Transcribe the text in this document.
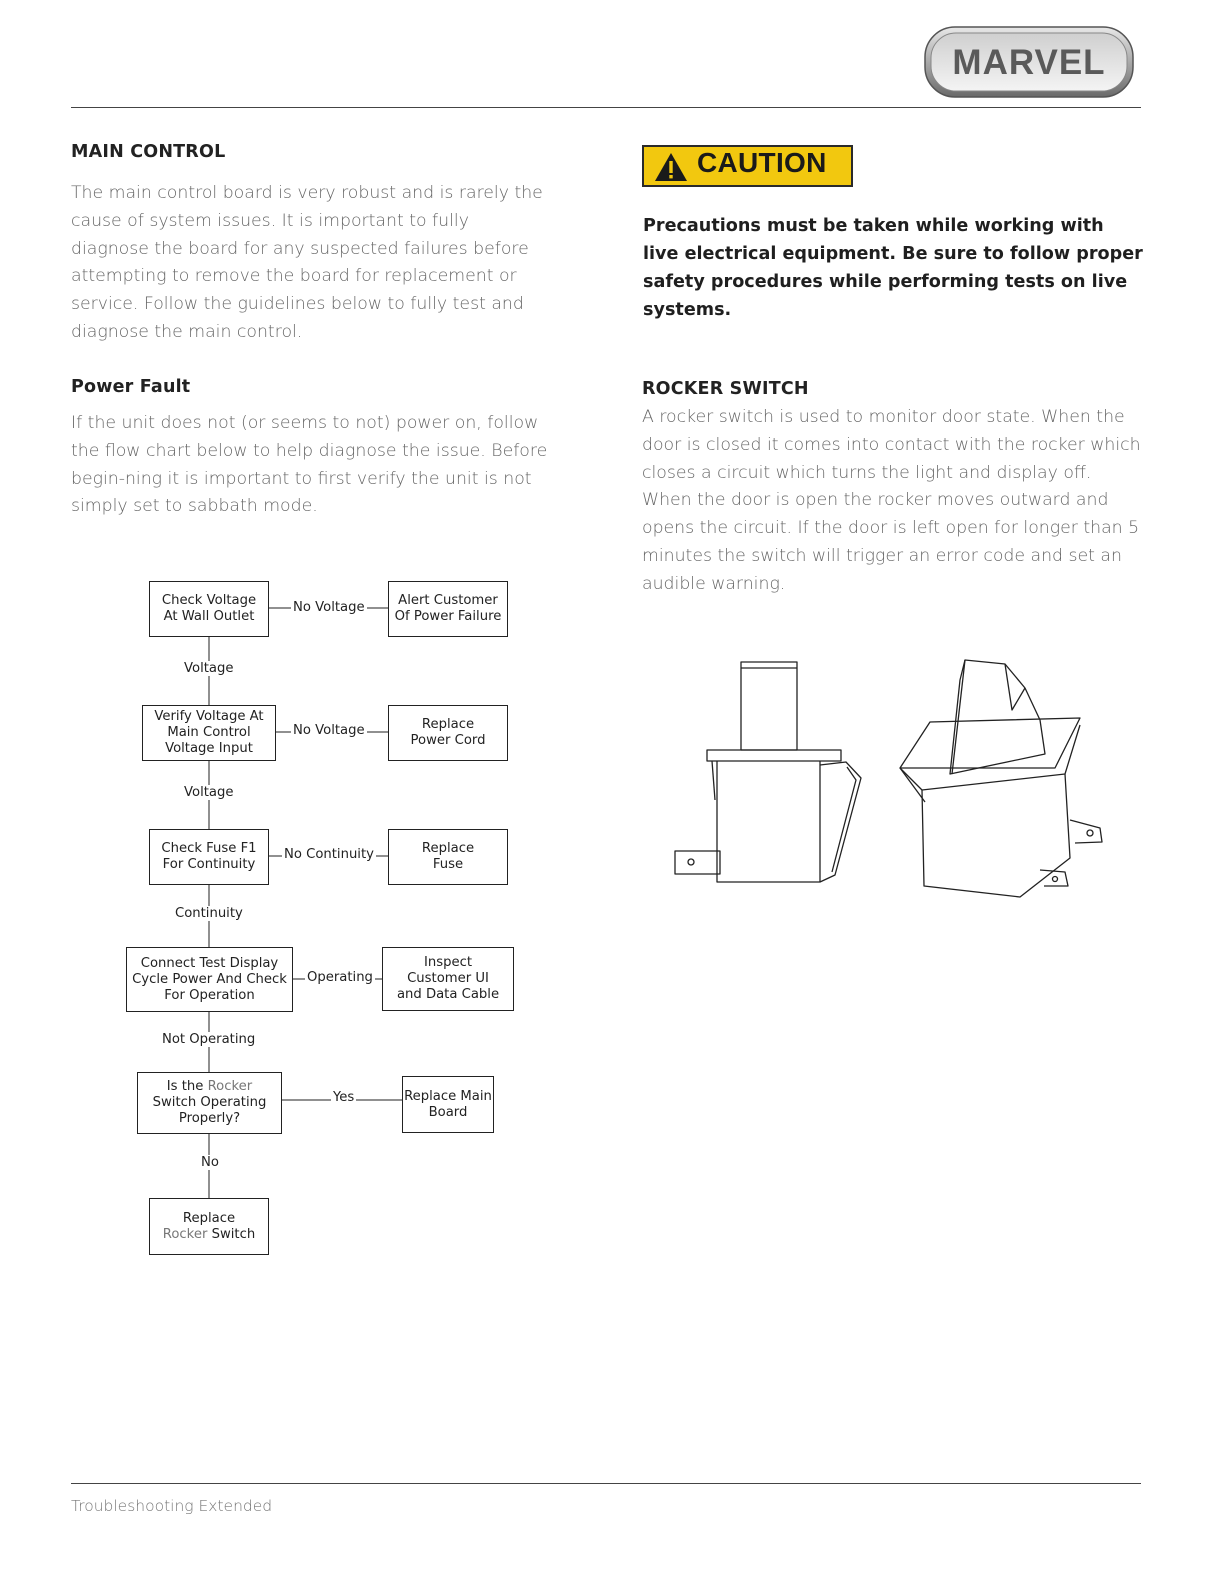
MARVEL
MAIN CONTROL

The main control board is very robust and is rarely the cause of system issues. It is important to fully diagnose the board for any suspected failures before attempting to remove the board for replacement or service. Follow the guidelines below to fully test and diagnose the main control.

Power Fault

If the unit does not (or seems to not) power on, follow the flow chart below to help diagnose the issue. Before begin-ning it is important to first verify the unit is not simply set to sabbath mode.

Check Voltage
At Wall Outlet
No Voltage	Alert Customer
Of Power Failure
Voltage
Verify Voltage At
Main Control
Voltage Input
No Voltage	Replace
Power Cord
Voltage
Check Fuse F1
For Continuity
No Continuity	Replace
Fuse
Continuity
Connect Test Display
Cycle Power And Check
For Operation
Operating
Inspect
Customer UI
and Data Cable
Not Operating
Is the Rocker
Switch Operating
Properly?
Yes	Replace Main
Board
No
Replace
Rocker Switch
CAUTION

Precautions must be taken while working with live electrical equipment. Be sure to follow proper safety procedures while performing tests on live systems.

ROCKER SWITCH

A rocker switch is used to monitor door state. When the door is closed it comes into contact with the rocker which closes a circuit which turns the light and display off. When the door is open the rocker moves outward and opens the circuit. If the door is left open for longer than 5 minutes the switch will trigger an error code and set an audible warning.

Troubleshooting Extended
